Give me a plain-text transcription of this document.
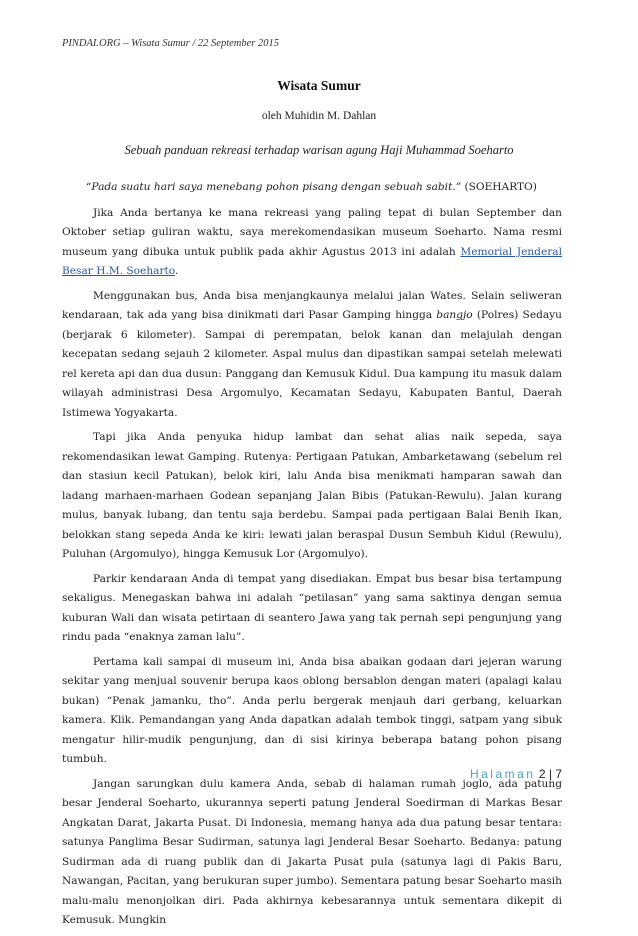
PINDAI.ORG – Wisata Sumur / 22 September 2015
Wisata Sumur
oleh Muhidin M. Dahlan
Sebuah panduan rekreasi terhadap warisan agung Haji Muhammad Soeharto

“Pada suatu hari saya menebang pohon pisang dengan sebuah sabit.” (SOEHARTO)

Jika Anda bertanya ke mana rekreasi yang paling tepat di bulan September dan Oktober setiap guliran waktu, saya merekomendasikan museum Soeharto. Nama resmi museum yang dibuka untuk publik pada akhir Agustus 2013 ini adalah Memorial Jenderal Besar H.M. Soeharto.

Menggunakan bus, Anda bisa menjangkaunya melalui jalan Wates. Selain seliweran kendaraan, tak ada yang bisa dinikmati dari Pasar Gamping hingga bangjo (Polres) Sedayu (berjarak 6 kilometer). Sampai di perempatan, belok kanan dan melajulah dengan kecepatan sedang sejauh 2 kilometer. Aspal mulus dan dipastikan sampai setelah melewati rel kereta api dan dua dusun: Panggang dan Kemusuk Kidul. Dua kampung itu masuk dalam wilayah administrasi Desa Argomulyo, Kecamatan Sedayu, Kabupaten Bantul, Daerah Istimewa Yogyakarta.

Tapi jika Anda penyuka hidup lambat dan sehat alias naik sepeda, saya rekomendasikan lewat Gamping. Rutenya: Pertigaan Patukan, Ambarketawang (sebelum rel dan stasiun kecil Patukan), belok kiri, lalu Anda bisa menikmati hamparan sawah dan ladang marhaen-marhaen Godean sepanjang Jalan Bibis (Patukan-Rewulu). Jalan kurang mulus, banyak lubang, dan tentu saja berdebu. Sampai pada pertigaan Balai Benih Ikan, belokkan stang sepeda Anda ke kiri: lewati jalan beraspal Dusun Sembuh Kidul (Rewulu), Puluhan (Argomulyo), hingga Kemusuk Lor (Argomulyo).

Parkir kendaraan Anda di tempat yang disediakan. Empat bus besar bisa tertampung sekaligus. Menegaskan bahwa ini adalah “petilasan” yang sama saktinya dengan semua kuburan Wali dan wisata petirtaan di seantero Jawa yang tak pernah sepi pengunjung yang rindu pada “enaknya zaman lalu”.

Pertama kali sampai di museum ini, Anda bisa abaikan godaan dari jejeran warung sekitar yang menjual souvenir berupa kaos oblong bersablon dengan materi (apalagi kalau bukan) “Penak jamanku, tho”. Anda perlu bergerak menjauh dari gerbang, keluarkan kamera. Klik. Pemandangan yang Anda dapatkan adalah tembok tinggi, satpam yang sibuk mengatur hilir-mudik pengunjung, dan di sisi kirinya beberapa batang pohon pisang tumbuh.

Jangan sarungkan dulu kamera Anda, sebab di halaman rumah joglo, ada patung besar Jenderal Soeharto, ukurannya seperti patung Jenderal Soedirman di Markas Besar Angkatan Darat, Jakarta Pusat. Di Indonesia, memang hanya ada dua patung besar tentara: satunya Panglima Besar Sudirman, satunya lagi Jenderal Besar Soeharto. Bedanya: patung Sudirman ada di ruang publik dan di Jakarta Pusat pula (satunya lagi di Pakis Baru, Nawangan, Pacitan, yang berukuran super jumbo). Sementara patung besar Soeharto masih malu-malu menonjolkan diri. Pada akhirnya kebesarannya untuk sementara dikepit di Kemusuk. Mungkin

Halaman 2 | 7
